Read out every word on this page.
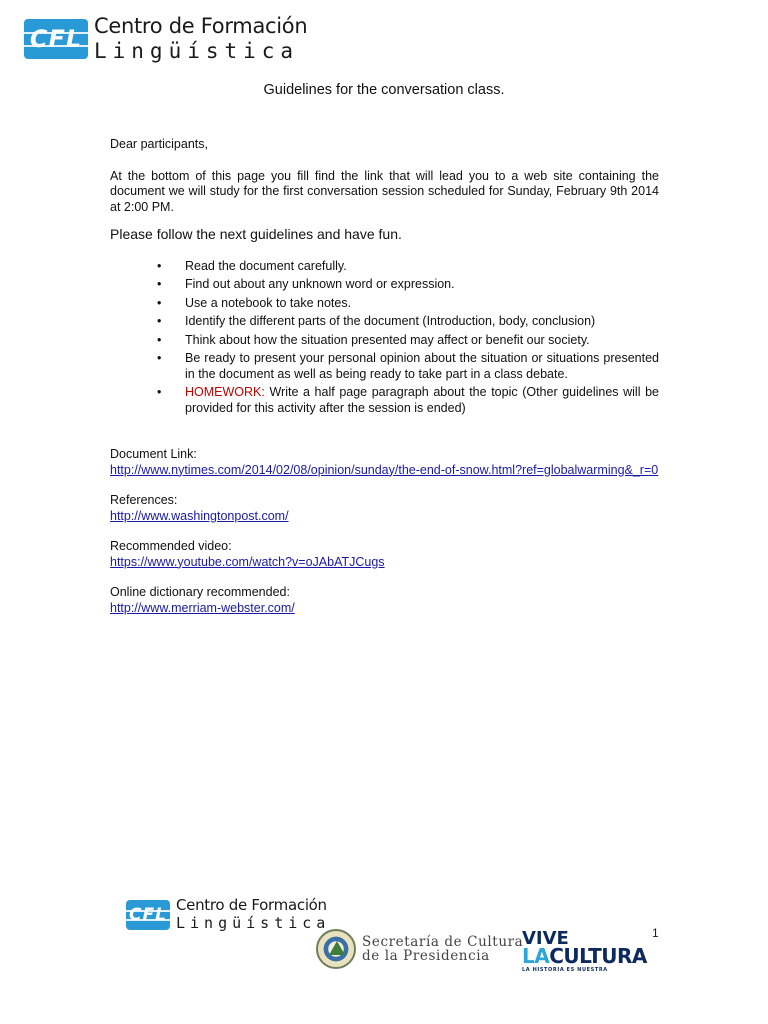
CFL Centro de Formación
Lingüística
Guidelines for the conversation class.

Dear participants,

At the bottom of this page you fill find the link that will lead you to a web site containing the document we will study for the first conversation session scheduled for Sunday, February 9th 2014 at 2:00 PM.

Please follow the next guidelines and have fun.

• Read the document carefully.
• Find out about any unknown word or expression.
• Use a notebook to take notes.
• Identify the different parts of the document (Introduction, body, conclusion)
• Think about how the situation presented may affect or benefit our society.
• Be ready to present your personal opinion about the situation or situations presented in the document as well as being ready to take part in a class debate.
• HOMEWORK: Write a half page paragraph about the topic (Other guidelines will be provided for this activity after the session is ended)
Document Link:
http://www.nytimes.com/2014/02/08/opinion/sunday/the-end-of-snow.html?ref=globalwarming&_r=0
References:
http://www.washingtonpost.com/
Recommended video:
https://www.youtube.com/watch?v=oJAbATJCugs
Online dictionary recommended:
http://www.merriam-webster.com/
CFL Centro de Formación
Lingüística
Secretaría de Cultura
de la Presidencia
VIVE
LACULTURA
LA HISTORIA ES NUESTRA
1
